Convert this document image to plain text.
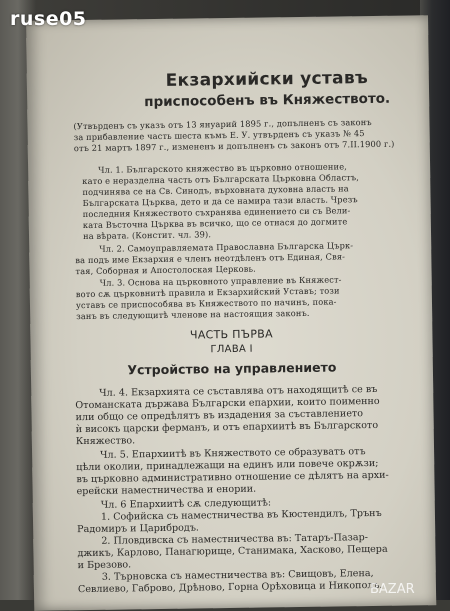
Екзархийски уставъ
приспособенъ въ Княжеството.
(Утвърденъ съ указъ отъ 13 януарий 1895 г., допълненъ съ законъ
за прибавление часть шеста къмъ Е. У. утвърденъ съ указъ № 45
отъ 21 мартъ 1897 г., измененъ и допълненъ съ законъ отъ 7.II.1900 г.)
Чл. 1. Българското княжество въ църковно отношение,
като е неразделна часть отъ Българската Църковна Областъ,
подчинява се на Св. Синодъ, върховната духовна власть на
Българската Църква, дето и да се намира тази власть. Чрезъ
последния Княжеството съхранява единението си съ Вели-
ката Въсточна Църква въ всичко, що се отнася до догмите
на вѣрата. (Констит. чл. 39).
Чл. 2. Самоуправляемата Православна Българска Църк-
ва подъ име Екзархия е членъ неотдѣленъ отъ Единая, Свя-
тая, Соборная и Апостолоская Церковь.
Чл. 3. Основа на църковното управление въ Княжест-
вото сѫ църковнитѣ правила и Екзархийский Уставъ; този
уставъ се приспособява въ Княжеството по начинъ, пока-
занъ въ следующитѣ членове на настоящия законъ.
ЧАСТЬ ПЪРВА
ГЛАВА I
Устройство на управлението
Чл. 4. Екзархията се съставлява отъ находящитѣ се въ
Отоманската държава Български епархии, които поименно
или общо се опредѣлятъ въ издадения за съставлението
ѝ високъ царски ферманъ, и отъ епархиитѣ въ Българското
Княжество.
Чл. 5. Епархиитѣ въ Княжеството се образуватъ отъ
цѣли околии, принадлежащи на единъ или повече окрѫзи;
въ църковно административно отношение се дѣлятъ на архи-
ерейски наместничества и енории.
Чл. 6 Епархиитѣ сѫ следующитѣ:
1. Софийска съ наместничества въ Кюстендилъ, Трънъ
Радомиръ и Царибродъ.
2. Пловдивска съ наместничества въ: Татаръ-Пазар-
джикъ, Карлово, Панагюрище, Станимака, Хасково, Пещера
и Брезово.
3. Търновска съ наместничества въ: Свищовъ, Елена,
Севлиево, Габрово, Дрѣново, Горна Орѣховица и Никополъ.
ruse05
BAZAR
